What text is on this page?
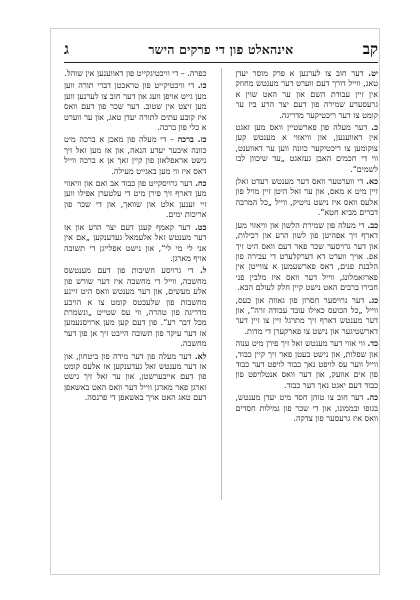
קב
אינהאלט פון די פרקים הישר
ג

יט. דער חוב צו לערנען א פרק מוסר יעדן טאג, ווייל דורך דעם ווערט דער מענטש מחוזק אין זיין עבודת השם און ער האט שוין א גרעסערע שמירה פון דעם יצר הרע ביז ער קומט צו דער ריכטיקער מדריגה.

כ. דער מעלה פון פארשטיין וואס מען זאגט אין דאווענען, און וויאזוי א מענטש קען צוקומען צו ריכטיקער כוונה ווען ער דאווענט, ווי די חכמים האבן געזאגט „עד שיכוון לבו לשמים“.

כא. די ווערטער וואס דער מענטש רעדט זאלן זיין מיט א מאס, און ער זאל היטן זיין מויל פון אלעס וואס איז נישט נויטיק, ווייל „כל המרבה דברים מביא חטא“.

כב. די מעלה פון שמירת הלשון און וויאזוי מען דארף זיך אפהיטן פון לשון הרע און רכילות, און דער גרויסער שכר פאר דעם וואס היט זיך אפ. אויך ווערט דא דערקלערט די עבירה פון הלבנת פנים, דאס פארשעמען א צווייטן אין פארזאמלונג, ווייל דער וואס איז מלבין פני חבירו ברבים האט נישט קיין חלק לעולם הבא.

כג. דער גרויסער חסרון פון גאווה און כעס, ווייל „כל הכועס כאילו עובד עבודה זרה“, און דער מענטש דארף זיך מתרגל זיין צו זיין דער דארשטיגער און נישט צו פארקערן די מדות.

כד. ווי אזוי דער מענטש זאל זיך פירן מיט ענוה און שפלות, און נישט בעטן פאר זיך קיין כבוד, ווייל ווער עס לויפט נאך כבוד לויפט דער כבוד פון אים אוועק, און דער וואס אנטלויפט פון כבוד דעם יאגט נאך דער כבוד.

כה. דער חוב צו טוהן חסד מיט יעדן מענטש, בגופו ובממונו, און די שכר פון גמילות חסדים וואס איז גרעסער פון צדקה.

כפרה. – די וויכטיגקייט פון דאווענען אין שוהל.

כו. די וויכטיקייט פון טראכטן דברי תורה ווען מען גייט אויפן וועג און דער חוב צו לערנען ווען מען זיצט אין שטוב. דער שכר פון דעם וואס איז קובע עתים לתורה יעדן טאג, און ער ווערט א כלי פון ברכה.

כז. ברכה – די מעלה פון מאכן א ברכה מיט כוונה איבער יעדע הנאה, און אז מען זאל זיך נישט אראפלאזן פון קיין זאך אן א ברכה ווייל דאס איז ווי מען באגייט מעילה.

כח. דער גרויסקייט פון כבוד אב ואם און וויאזוי מען דארף זיך פירן מיט די עלטערן אפילו ווען זיי זענען אלט און שוואך, און די שכר פון אריכות ימים.

כט. דער קאמף קעגן דעם יצר הרע און אז דער מענטש זאל אלעמאל געדענקען „אם אין אני לי מי לי“, און נישט אפלייגן די תשובה אויף מארגן.

ל. די גרויסע חשיבות פון דעם מענטשס מחשבה, ווייל די מחשבה איז דער שורש פון אלע מעשים, און דער מענטש וואס היט זיינע מחשבות פון שלעכטס קומט צו א הויכע מדריגה פון טהרה, ווי עס שטייט „ונשמרת מכל דבר רע“. פון דעם קען מען ארויסנעמען אז דער עיקר פון תשובה הייבט זיך אן פון דער מחשבה.

לא. דער מעלה פון דער מידה פון ביטחון, און אז דער מענטש זאל געדענקען אז אלעס קומט פון דעם אייבערשטן, און ער זאל זיך נישט זארגן פאר מארגן ווייל דער וואס האט באשאפן דעם טאג האט אויך באשאפן די פרנסה.
